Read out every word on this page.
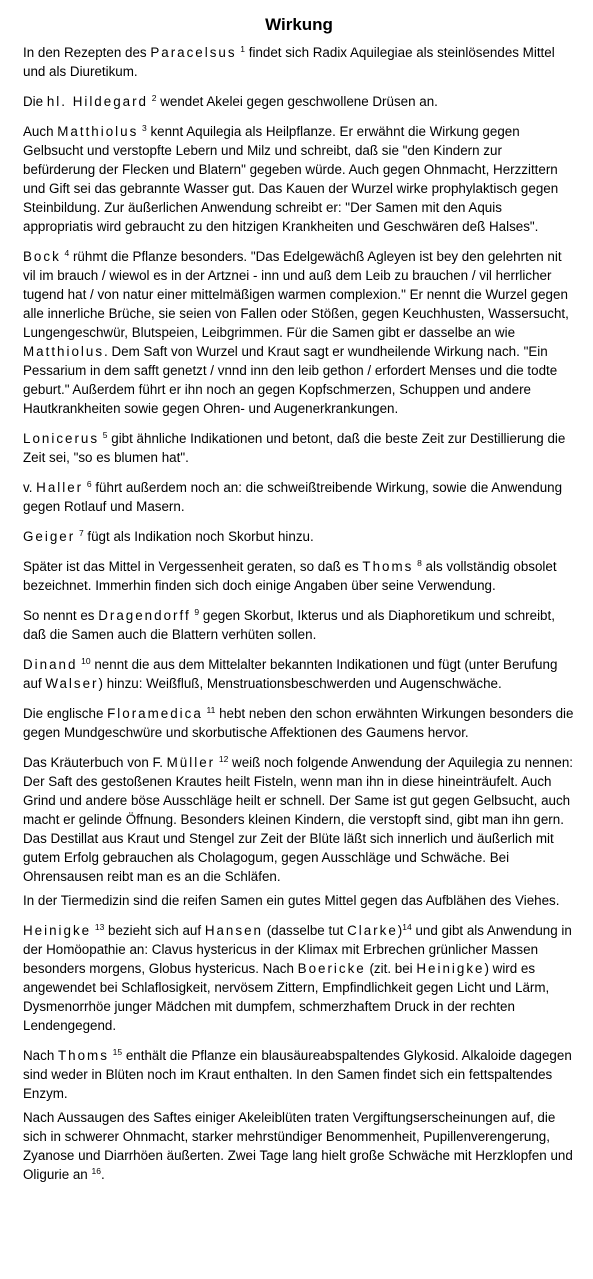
Wirkung

In den Rezepten des Paracelsus $^1$ findet sich Radix Aquilegiae als steinlösendes Mittel und als Diuretikum.

Die hl. Hildegard $^2$ wendet Akelei gegen geschwollene Drüsen an.

Auch Matthiolus $^3$ kennt Aquilegia als Heilpflanze. Er erwähnt die Wirkung gegen Gelbsucht und verstopfte Lebern und Milz und schreibt, daß sie "den Kindern zur befürderung der Flecken und Blatern" gegeben würde. Auch gegen Ohnmacht, Herzzittern und Gift sei das gebrannte Wasser gut. Das Kauen der Wurzel wirke prophylaktisch gegen Steinbildung. Zur äußerlichen Anwendung schreibt er: "Der Samen mit den Aquis appropriatis wird gebraucht zu den hitzigen Krankheiten und Geschwären deß Halses".

Bock $^4$ rühmt die Pflanze besonders. "Das Edelgewächß Agleyen ist bey den gelehrten nit vil im brauch / wiewol es in der Artznei - inn und auß dem Leib zu brauchen / vil herrlicher tugend hat / von natur einer mittelmäßigen warmen complexion." Er nennt die Wurzel gegen alle innerliche Brüche, sie seien von Fallen oder Stößen, gegen Keuchhusten, Wassersucht, Lungengeschwür, Blutspeien, Leibgrimmen. Für die Samen gibt er dasselbe an wie Matthiolus. Dem Saft von Wurzel und Kraut sagt er wundheilende Wirkung nach. "Ein Pessarium in dem safft genetzt / vnnd inn den leib gethon / erfordert Menses und die todte geburt." Außerdem führt er ihn noch an gegen Kopfschmerzen, Schuppen und andere Hautkrankheiten sowie gegen Ohren- und Augenerkrankungen.

Lonicerus $^5$ gibt ähnliche Indikationen und betont, daß die beste Zeit zur Destillierung die Zeit sei, "so es blumen hat".

v. Haller $^6$ führt außerdem noch an: die schweißtreibende Wirkung, sowie die Anwendung gegen Rotlauf und Masern.

Geiger $^7$ fügt als Indikation noch Skorbut hinzu.

Später ist das Mittel in Vergessenheit geraten, so daß es Thoms $^8$ als vollständig obsolet bezeichnet. Immerhin finden sich doch einige Angaben über seine Verwendung.

So nennt es Dragendorff $^9$ gegen Skorbut, Ikterus und als Diaphoretikum und schreibt, daß die Samen auch die Blattern verhüten sollen.

Dinand $^{10}$ nennt die aus dem Mittelalter bekannten Indikationen und fügt (unter Berufung auf Walser) hinzu: Weißfluß, Menstruationsbeschwerden und Augenschwäche.

Die englische Floramedica $^{11}$ hebt neben den schon erwähnten Wirkungen besonders die gegen Mundgeschwüre und skorbutische Affektionen des Gaumens hervor.

Das Kräuterbuch von F. Müller $^{12}$ weiß noch folgende Anwendung der Aquilegia zu nennen: Der Saft des gestoßenen Krautes heilt Fisteln, wenn man ihn in diese hineinträufelt. Auch Grind und andere böse Ausschläge heilt er schnell. Der Same ist gut gegen Gelbsucht, auch macht er gelinde Öffnung. Besonders kleinen Kindern, die verstopft sind, gibt man ihn gern. Das Destillat aus Kraut und Stengel zur Zeit der Blüte läßt sich innerlich und äußerlich mit gutem Erfolg gebrauchen als Cholagogum, gegen Ausschläge und Schwäche. Bei Ohrensausen reibt man es an die Schläfen.

In der Tiermedizin sind die reifen Samen ein gutes Mittel gegen das Aufblähen des Viehes.

Heinigke $^{13}$ bezieht sich auf Hansen (dasselbe tut Clarke)$^{14}$ und gibt als Anwendung in der Homöopathie an: Clavus hystericus in der Klimax mit Erbrechen grünlicher Massen besonders morgens, Globus hystericus. Nach Boericke (zit. bei Heinigke) wird es angewendet bei Schlaflosigkeit, nervösem Zittern, Empfindlichkeit gegen Licht und Lärm, Dysmenorrhöe junger Mädchen mit dumpfem, schmerzhaftem Druck in der rechten Lendengegend.

Nach Thoms $^{15}$ enthält die Pflanze ein blausäureabspaltendes Glykosid. Alkaloide dagegen sind weder in Blüten noch im Kraut enthalten. In den Samen findet sich ein fettspaltendes Enzym.

Nach Aussaugen des Saftes einiger Akeleiblüten traten Vergiftungserscheinungen auf, die sich in schwerer Ohnmacht, starker mehrstündiger Benommenheit, Pupillenverengerung, Zyanose und Diarrhöen äußerten. Zwei Tage lang hielt große Schwäche mit Herzklopfen und Oligurie an $^{16}$.
